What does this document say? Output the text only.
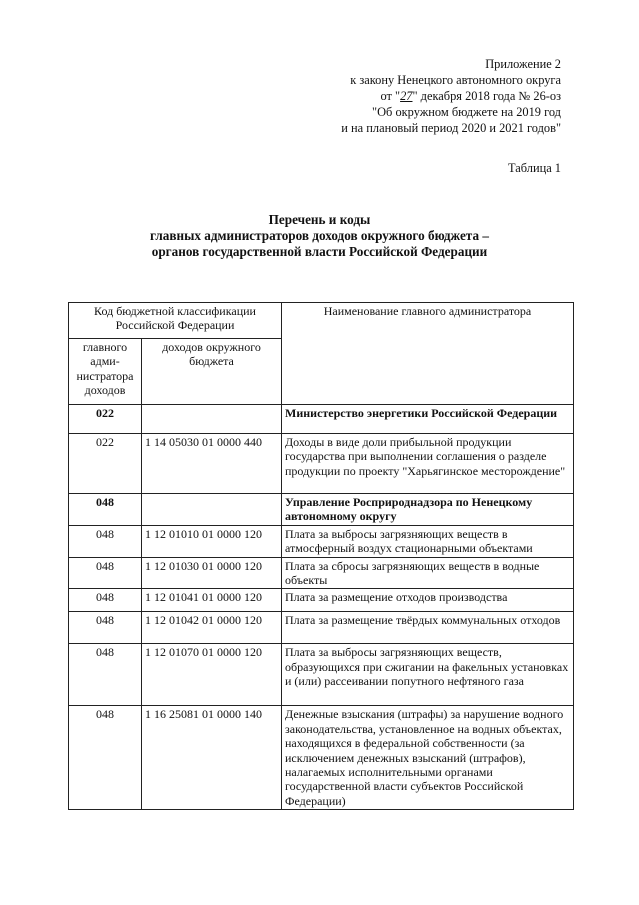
Приложение 2
к закону Ненецкого автономного округа
от "27" декабря 2018 года № 26-оз
"Об окружном бюджете на 2019 год
и на плановый период 2020 и 2021 годов"
Таблица 1
Перечень и коды
главных администраторов доходов окружного бюджета –
органов государственной власти Российской Федерации
Код бюджетной классификации Российской Федерации		Наименование главного администратора
главного адми-нистратора доходов	доходов окружного бюджета	
022		Министерство энергетики Российской Федерации
022	1 14 05030 01 0000 440	Доходы в виде доли прибыльной продукции государства при выполнении соглашения о разделе продукции по проекту "Харьягинское месторождение"
048		Управление Росприроднадзора по Ненецкому автономному округу
048	1 12 01010 01 0000 120	Плата за выбросы загрязняющих веществ в атмосферный воздух стационарными объектами
048	1 12 01030 01 0000 120	Плата за сбросы загрязняющих веществ в водные объекты
048	1 12 01041 01 0000 120	Плата за размещение отходов производства
048	1 12 01042 01 0000 120	Плата за размещение твёрдых коммунальных отходов
048	1 12 01070 01 0000 120	Плата за выбросы загрязняющих веществ, образующихся при сжигании на факельных установках и (или) рассеивании попутного нефтяного газа
048	1 16 25081 01 0000 140	Денежные взыскания (штрафы) за нарушение водного законодательства, установленное на водных объектах, находящихся в федеральной собственности (за исключением денежных взысканий (штрафов), налагаемых исполнительными органами государственной власти субъектов Российской Федерации)
